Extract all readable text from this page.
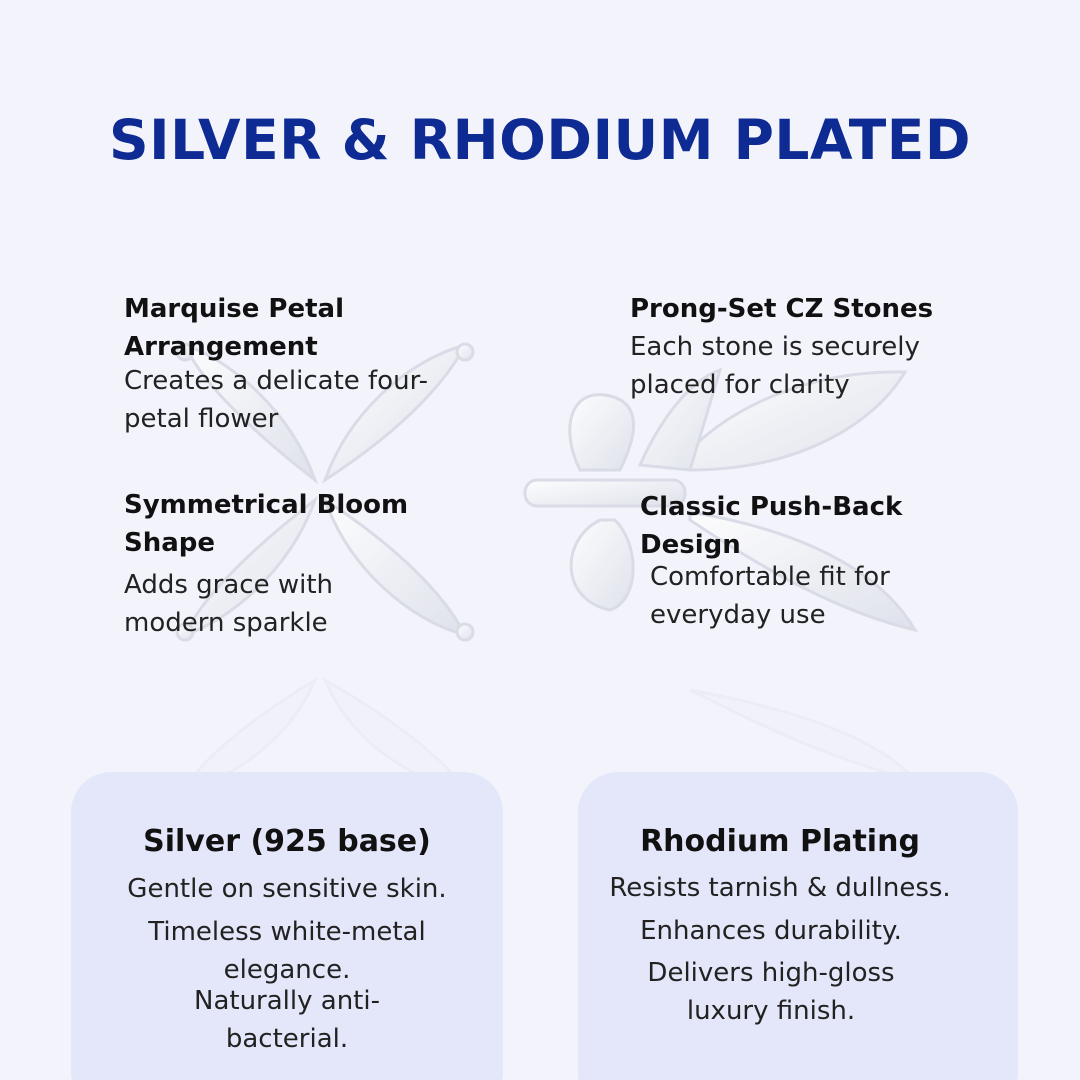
SILVER & RHODIUM PLATED

Marquise Petal Arrangement

Creates a delicate four-petal flower

Prong-Set CZ Stones

Each stone is securely placed for clarity

Symmetrical Bloom Shape

Adds grace with modern sparkle

Classic Push-Back Design

Comfortable fit for everyday use

Silver (925 base)

Gentle on sensitive skin.

Timeless white-metal elegance.

Naturally anti-bacterial.

Rhodium Plating

Resists tarnish & dullness.

Enhances durability.

Delivers high-gloss luxury finish.
